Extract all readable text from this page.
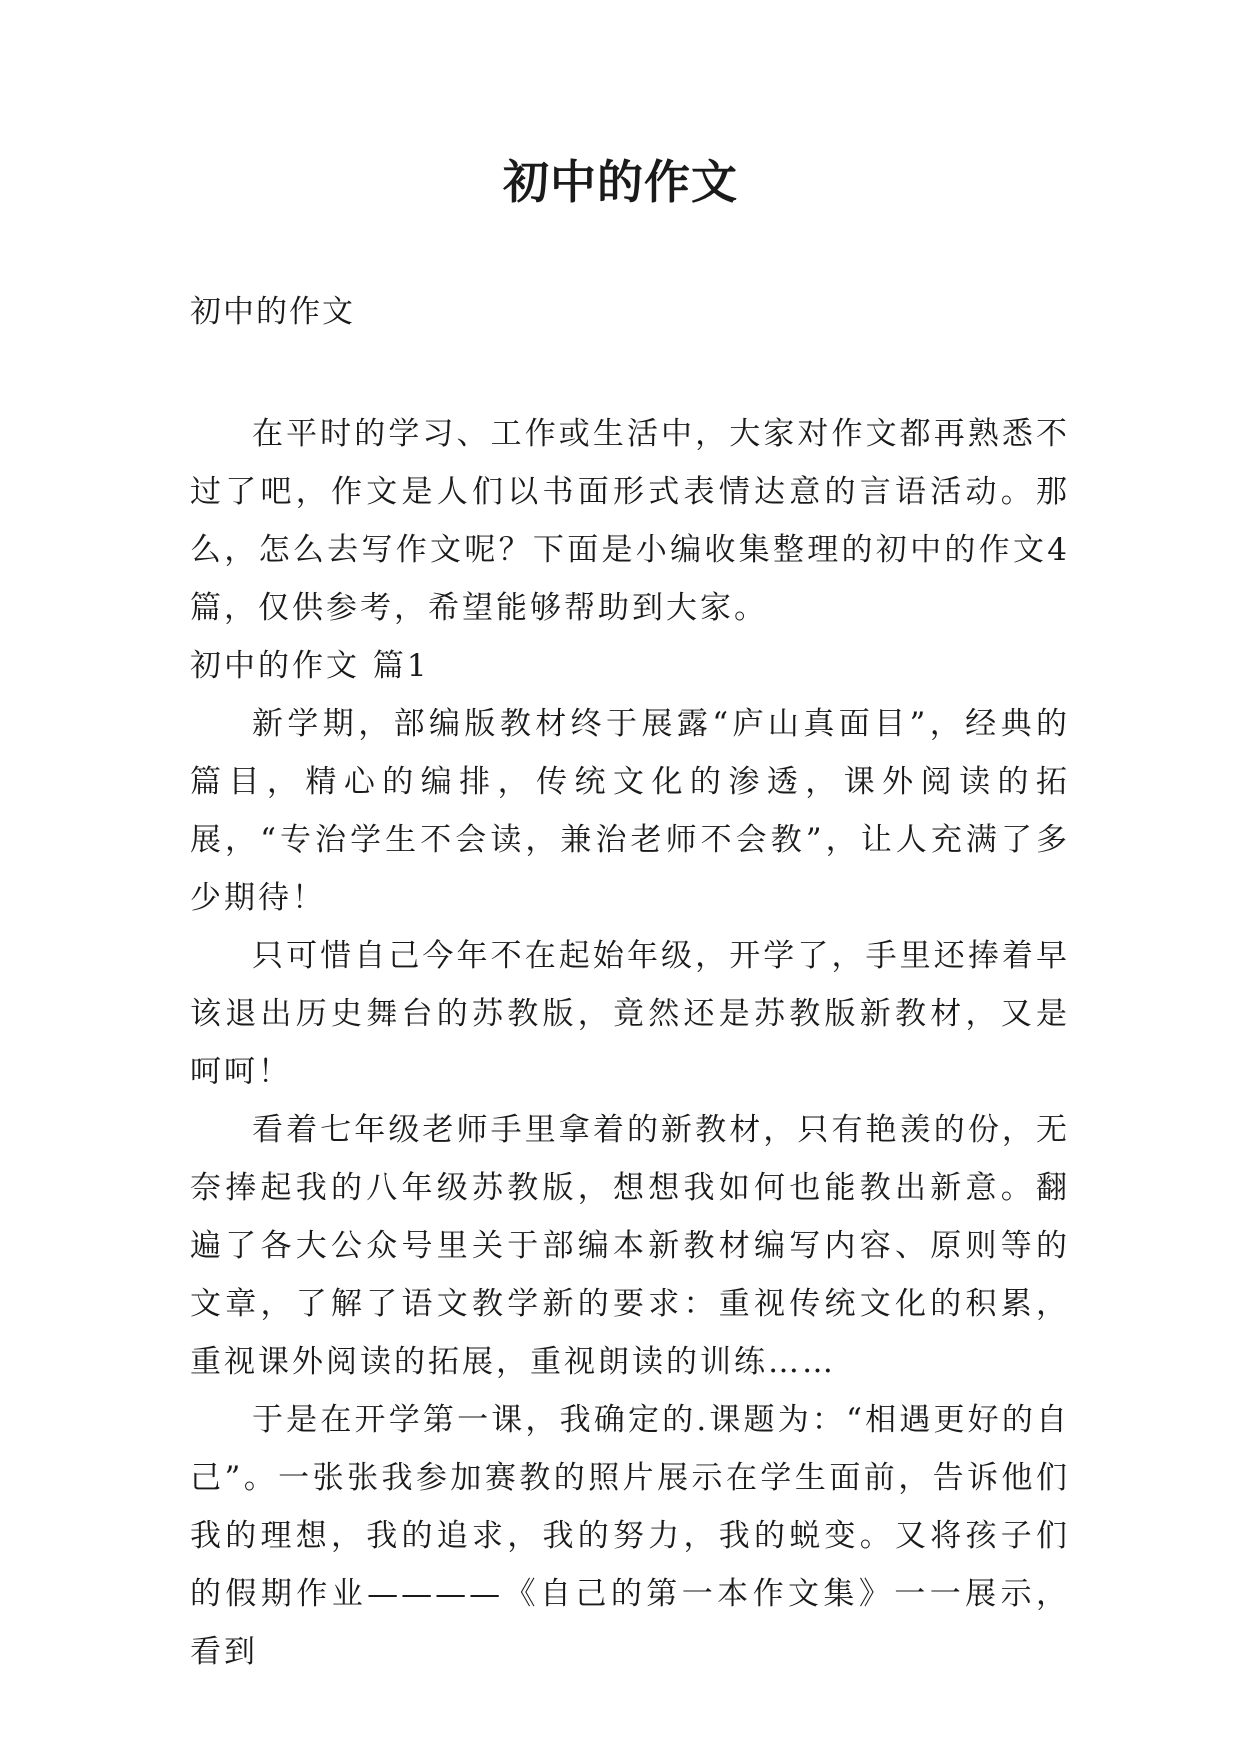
初中的作文

初中的作文

在平时的学习、工作或生活中，大家对作文都再熟悉不过了吧，作文是人们以书面形式表情达意的言语活动。那么，怎么去写作文呢？下面是小编收集整理的初中的作文4篇，仅供参考，希望能够帮助到大家。

初中的作文 篇1

新学期，部编版教材终于展露“庐山真面目”，经典的篇目，精心的编排，传统文化的渗透，课外阅读的拓展，“专治学生不会读，兼治老师不会教”，让人充满了多少期待！

只可惜自己今年不在起始年级，开学了，手里还捧着早该退出历史舞台的苏教版，竟然还是苏教版新教材，又是呵呵！

看着七年级老师手里拿着的新教材，只有艳羡的份，无奈捧起我的八年级苏教版，想想我如何也能教出新意。翻遍了各大公众号里关于部编本新教材编写内容、原则等的文章，了解了语文教学新的要求：重视传统文化的积累，重视课外阅读的拓展，重视朗读的训练……

于是在开学第一课，我确定的.课题为：“相遇更好的自己”。一张张我参加赛教的照片展示在学生面前，告诉他们我的理想，我的追求，我的努力，我的蜕变。又将孩子们的假期作业————《自己的第一本作文集》一一展示，看到
